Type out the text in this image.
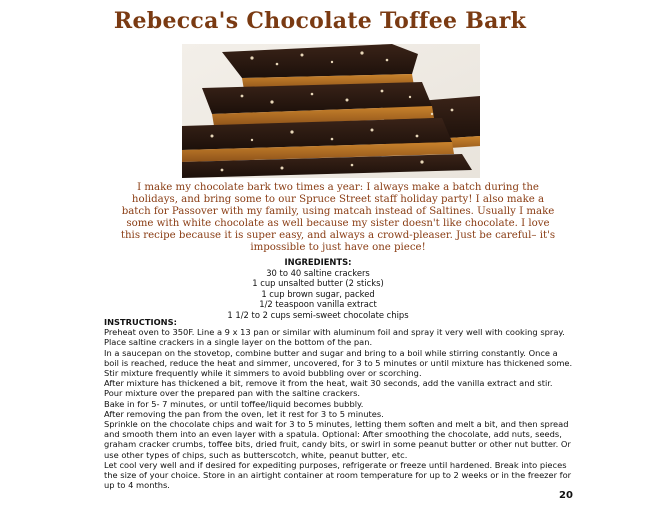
Rebecca's Chocolate Toffee Bark
I make my chocolate bark two times a year: I always make a batch during the holidays, and bring some to our Spruce Street staff holiday party! I also make a batch for Passover with my family, using matcah instead of Saltines. Usually I make some with white chocolate as well because my sister doesn't like chocolate. I love this recipe because it is super easy, and always a crowd-pleaser. Just be careful– it's impossible to just have one piece!
INGREDIENTS:
30 to 40 saltine crackers
1 cup unsalted butter (2 sticks)
1 cup brown sugar, packed
1/2 teaspoon vanilla extract
1 1/2 to 2 cups semi-sweet chocolate chips
INSTRUCTIONS:
Preheat oven to 350F. Line a 9 x 13 pan or similar with aluminum foil and spray it very well with cooking spray.
Place saltine crackers in a single layer on the bottom of the pan.
In a saucepan on the stovetop, combine butter and sugar and bring to a boil while stirring constantly. Once a boil is reached, reduce the heat and simmer, uncovered, for 3 to 5 minutes or until mixture has thickened some. Stir mixture frequently while it simmers to avoid bubbling over or scorching.
After mixture has thickened a bit, remove it from the heat, wait 30 seconds, add the vanilla extract and stir.
Pour mixture over the prepared pan with the saltine crackers.
Bake in for 5- 7 minutes, or until toffee/liquid becomes bubbly.
After removing the pan from the oven, let it rest for 3 to 5 minutes.
Sprinkle on the chocolate chips and wait for 3 to 5 minutes, letting them soften and melt a bit, and then spread and smooth them into an even layer with a spatula. Optional: After smoothing the chocolate, add nuts, seeds, graham cracker crumbs, toffee bits, dried fruit, candy bits, or swirl in some peanut butter or other nut butter. Or use other types of chips, such as butterscotch, white, peanut butter, etc.
Let cool very well and if desired for expediting purposes, refrigerate or freeze until hardened. Break into pieces the size of your choice. Store in an airtight container at room temperature for up to 2 weeks or in the freezer for up to 4 months.
20
